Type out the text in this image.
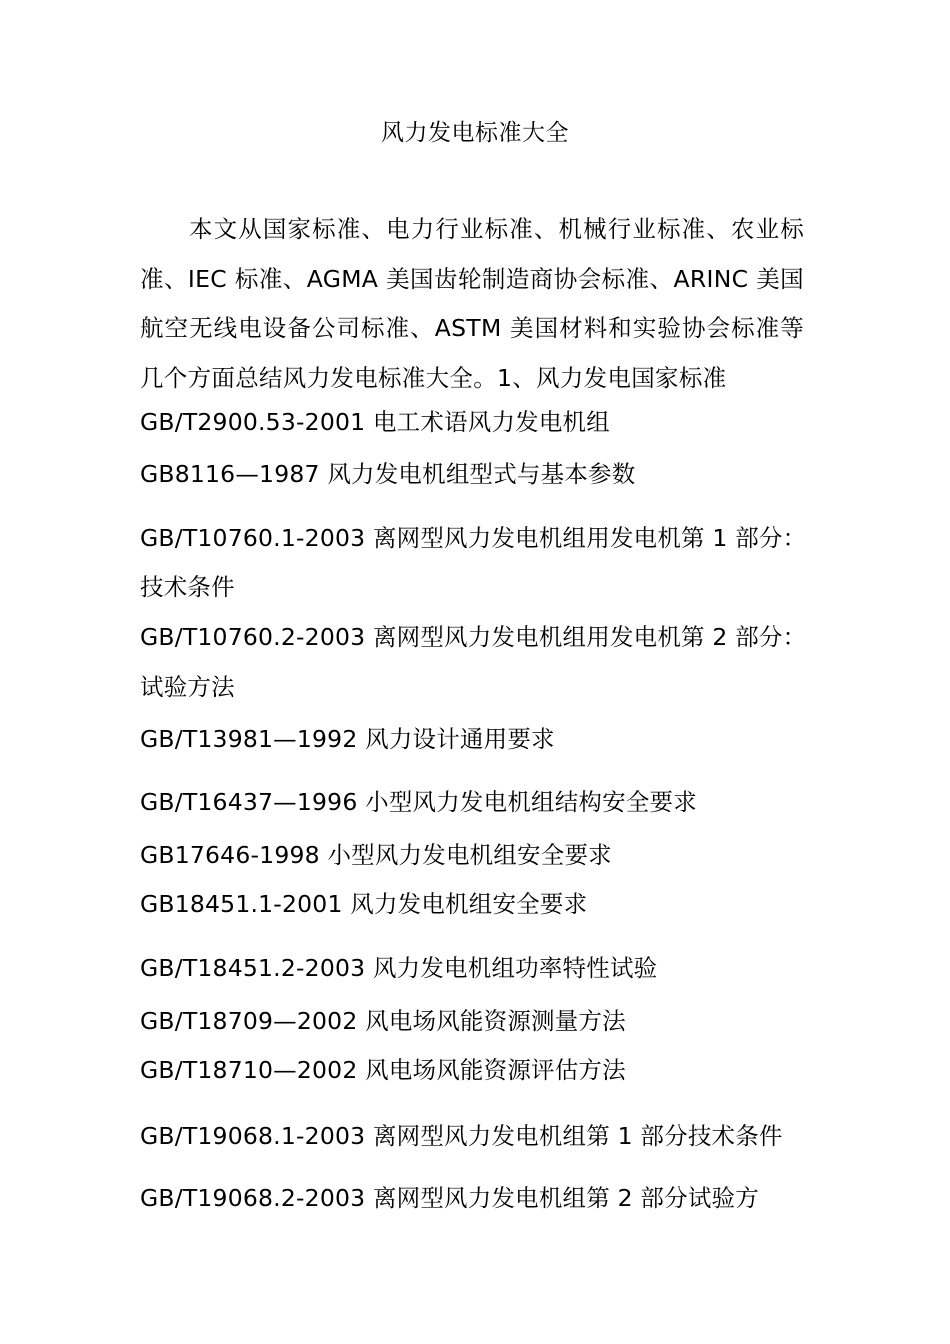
风力发电标准大全

本文从国家标准、电力行业标准、机械行业标准、农业标准、IEC 标准、AGMA 美国齿轮制造商协会标准、ARINC 美国航空无线电设备公司标准、ASTM 美国材料和实验协会标准等几个方面总结风力发电标准大全。1、风力发电国家标准

GB/T2900.53-2001 电工术语风力发电机组
GB8116—1987 风力发电机组型式与基本参数
GB/T10760.1-2003 离网型风力发电机组用发电机第 1 部分：
技术条件
GB/T10760.2-2003 离网型风力发电机组用发电机第 2 部分：
试验方法
GB/T13981—1992 风力设计通用要求
GB/T16437—1996 小型风力发电机组结构安全要求
GB17646-1998 小型风力发电机组安全要求
GB18451.1-2001 风力发电机组安全要求
GB/T18451.2-2003 风力发电机组功率特性试验
GB/T18709—2002 风电场风能资源测量方法
GB/T18710—2002 风电场风能资源评估方法
GB/T19068.1-2003 离网型风力发电机组第 1 部分技术条件
GB/T19068.2-2003 离网型风力发电机组第 2 部分试验方
